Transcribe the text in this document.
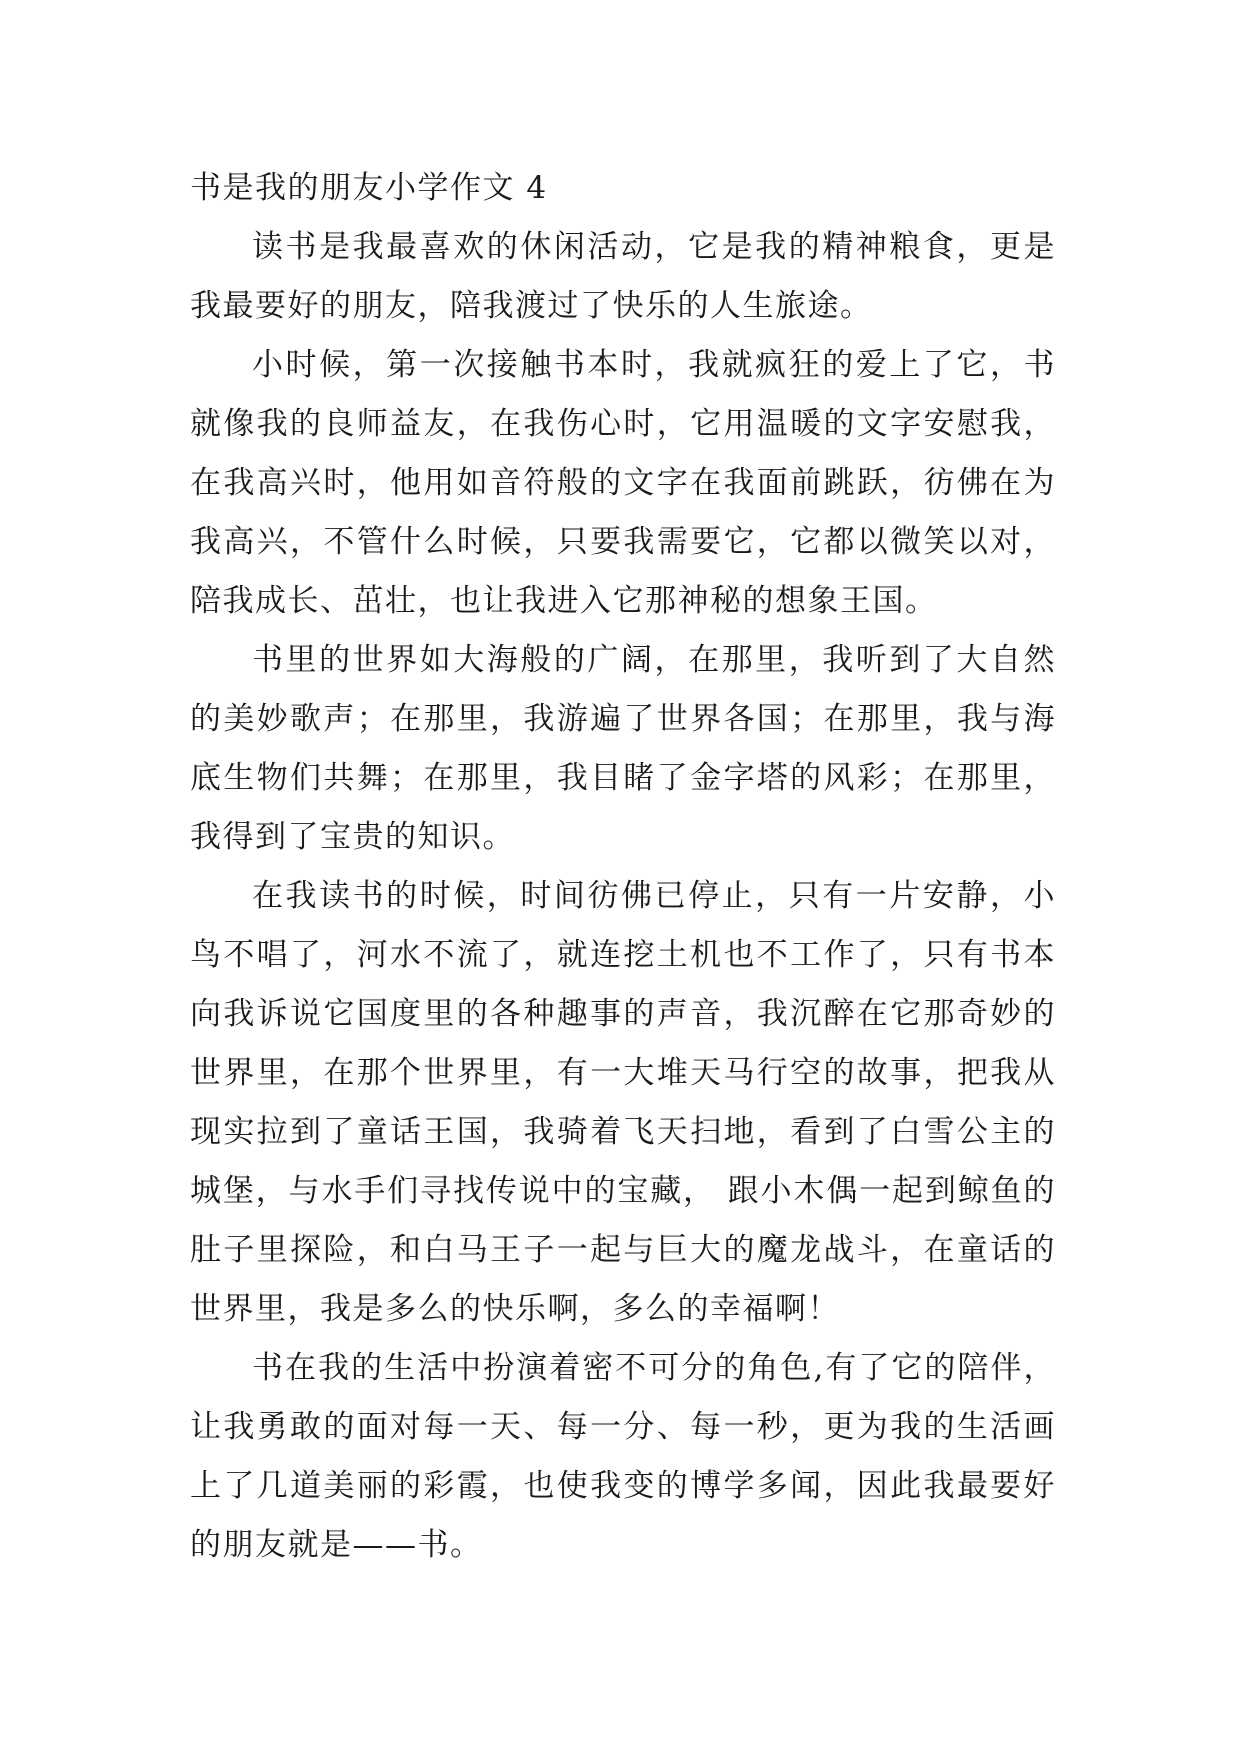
书是我的朋友小学作文 4

读书是我最喜欢的休闲活动，它是我的精神粮食，更是我最要好的朋友，陪我渡过了快乐的人生旅途。

小时候，第一次接触书本时，我就疯狂的爱上了它，书就像我的良师益友，在我伤心时，它用温暖的文字安慰我，在我高兴时，他用如音符般的文字在我面前跳跃，彷佛在为我高兴，不管什么时候，只要我需要它，它都以微笑以对，陪我成长、茁壮，也让我进入它那神秘的想象王国。

书里的世界如大海般的广阔，在那里，我听到了大自然的美妙歌声；在那里，我游遍了世界各国；在那里，我与海底生物们共舞；在那里，我目睹了金字塔的风彩；在那里，我得到了宝贵的知识。

在我读书的时候，时间彷佛已停止，只有一片安静，小鸟不唱了，河水不流了，就连挖土机也不工作了，只有书本向我诉说它国度里的各种趣事的声音，我沉醉在它那奇妙的世界里，在那个世界里，有一大堆天马行空的故事，把我从现实拉到了童话王国，我骑着飞天扫地，看到了白雪公主的城堡，与水手们寻找传说中的宝藏， 跟小木偶一起到鲸鱼的肚子里探险，和白马王子一起与巨大的魔龙战斗，在童话的世界里，我是多么的快乐啊，多么的幸福啊！

书在我的生活中扮演着密不可分的角色,有了它的陪伴，让我勇敢的面对每一天、每一分、每一秒，更为我的生活画上了几道美丽的彩霞，也使我变的博学多闻，因此我最要好的朋友就是——书。
